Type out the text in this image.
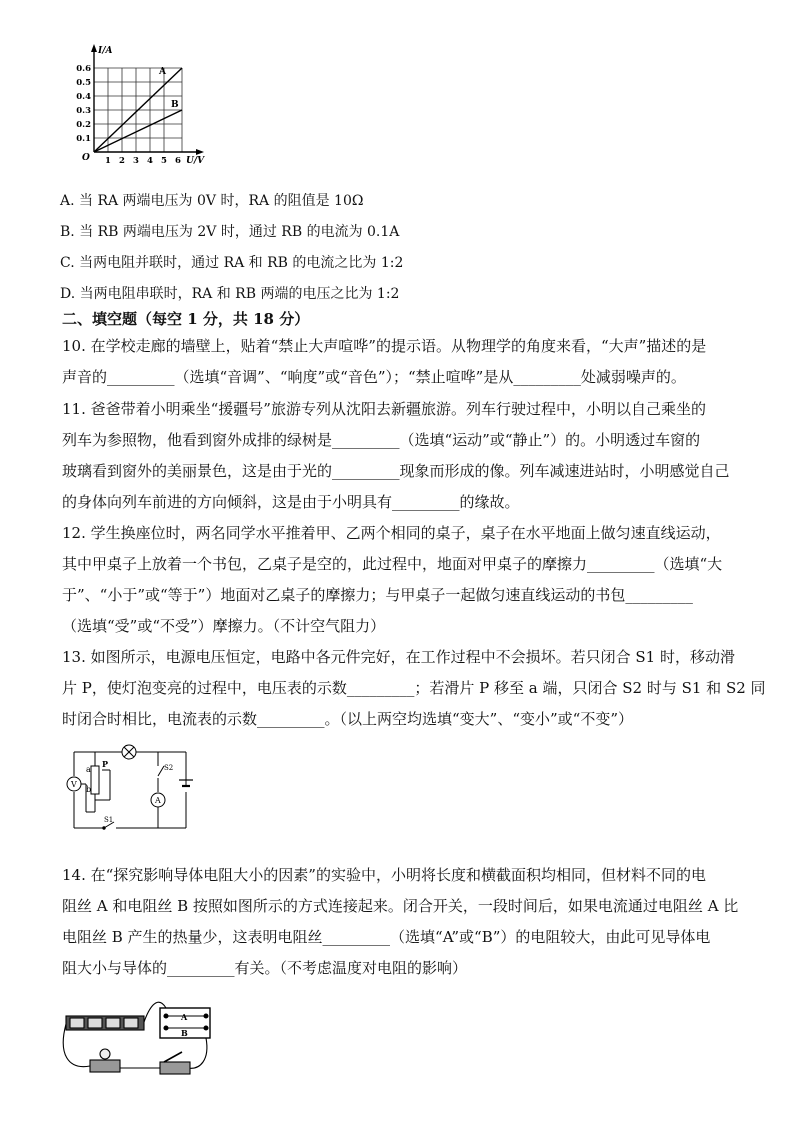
I/A
U/V
O
A
B
0.6
0.5
0.4
0.3
0.2
0.1
1 2 3 4 5 6
A. 当 RA 两端电压为 0V 时，RA 的阻值是 10Ω
B. 当 RB 两端电压为 2V 时，通过 RB 的电流为 0.1A
C. 当两电阻并联时，通过 RA 和 RB 的电流之比为 1:2
D. 当两电阻串联时，RA 和 RB 两端的电压之比为 1:2
二、填空题（每空 1 分，共 18 分）
10. 在学校走廊的墙壁上，贴着“禁止大声喧哗”的提示语。从物理学的角度来看，“大声”描述的是
声音的_________（选填“音调”、“响度”或“音色”）；“禁止喧哗”是从_________处减弱噪声的。
11. 爸爸带着小明乘坐“援疆号”旅游专列从沈阳去新疆旅游。列车行驶过程中，小明以自己乘坐的
列车为参照物，他看到窗外成排的绿树是_________（选填“运动”或“静止”）的。小明透过车窗的
玻璃看到窗外的美丽景色，这是由于光的_________现象而形成的像。列车减速进站时，小明感觉自己
的身体向列车前进的方向倾斜，这是由于小明具有_________的缘故。
12. 学生换座位时，两名同学水平推着甲、乙两个相同的桌子，桌子在水平地面上做匀速直线运动，
其中甲桌子上放着一个书包，乙桌子是空的，此过程中，地面对甲桌子的摩擦力_________（选填“大
于”、“小于”或“等于”）地面对乙桌子的摩擦力；与甲桌子一起做匀速直线运动的书包_________
（选填“受”或“不受”）摩擦力。（不计空气阻力）
13. 如图所示，电源电压恒定，电路中各元件完好，在工作过程中不会损坏。若只闭合 S1 时，移动滑
片 P，使灯泡变亮的过程中，电压表的示数_________；若滑片 P 移至 a 端，只闭合 S2 时与 S1 和 S2 同
时闭合时相比，电流表的示数_________。（以上两空均选填“变大”、“变小”或“不变”）
V
A
a
b
P	S2
S1
14. 在“探究影响导体电阻大小的因素”的实验中，小明将长度和横截面积均相同，但材料不同的电
阻丝 A 和电阻丝 B 按照如图所示的方式连接起来。闭合开关，一段时间后，如果电流通过电阻丝 A 比
电阻丝 B 产生的热量少，这表明电阻丝_________（选填“A”或“B”）的电阻较大，由此可见导体电
阻大小与导体的_________有关。（不考虑温度对电阻的影响）
A
B
